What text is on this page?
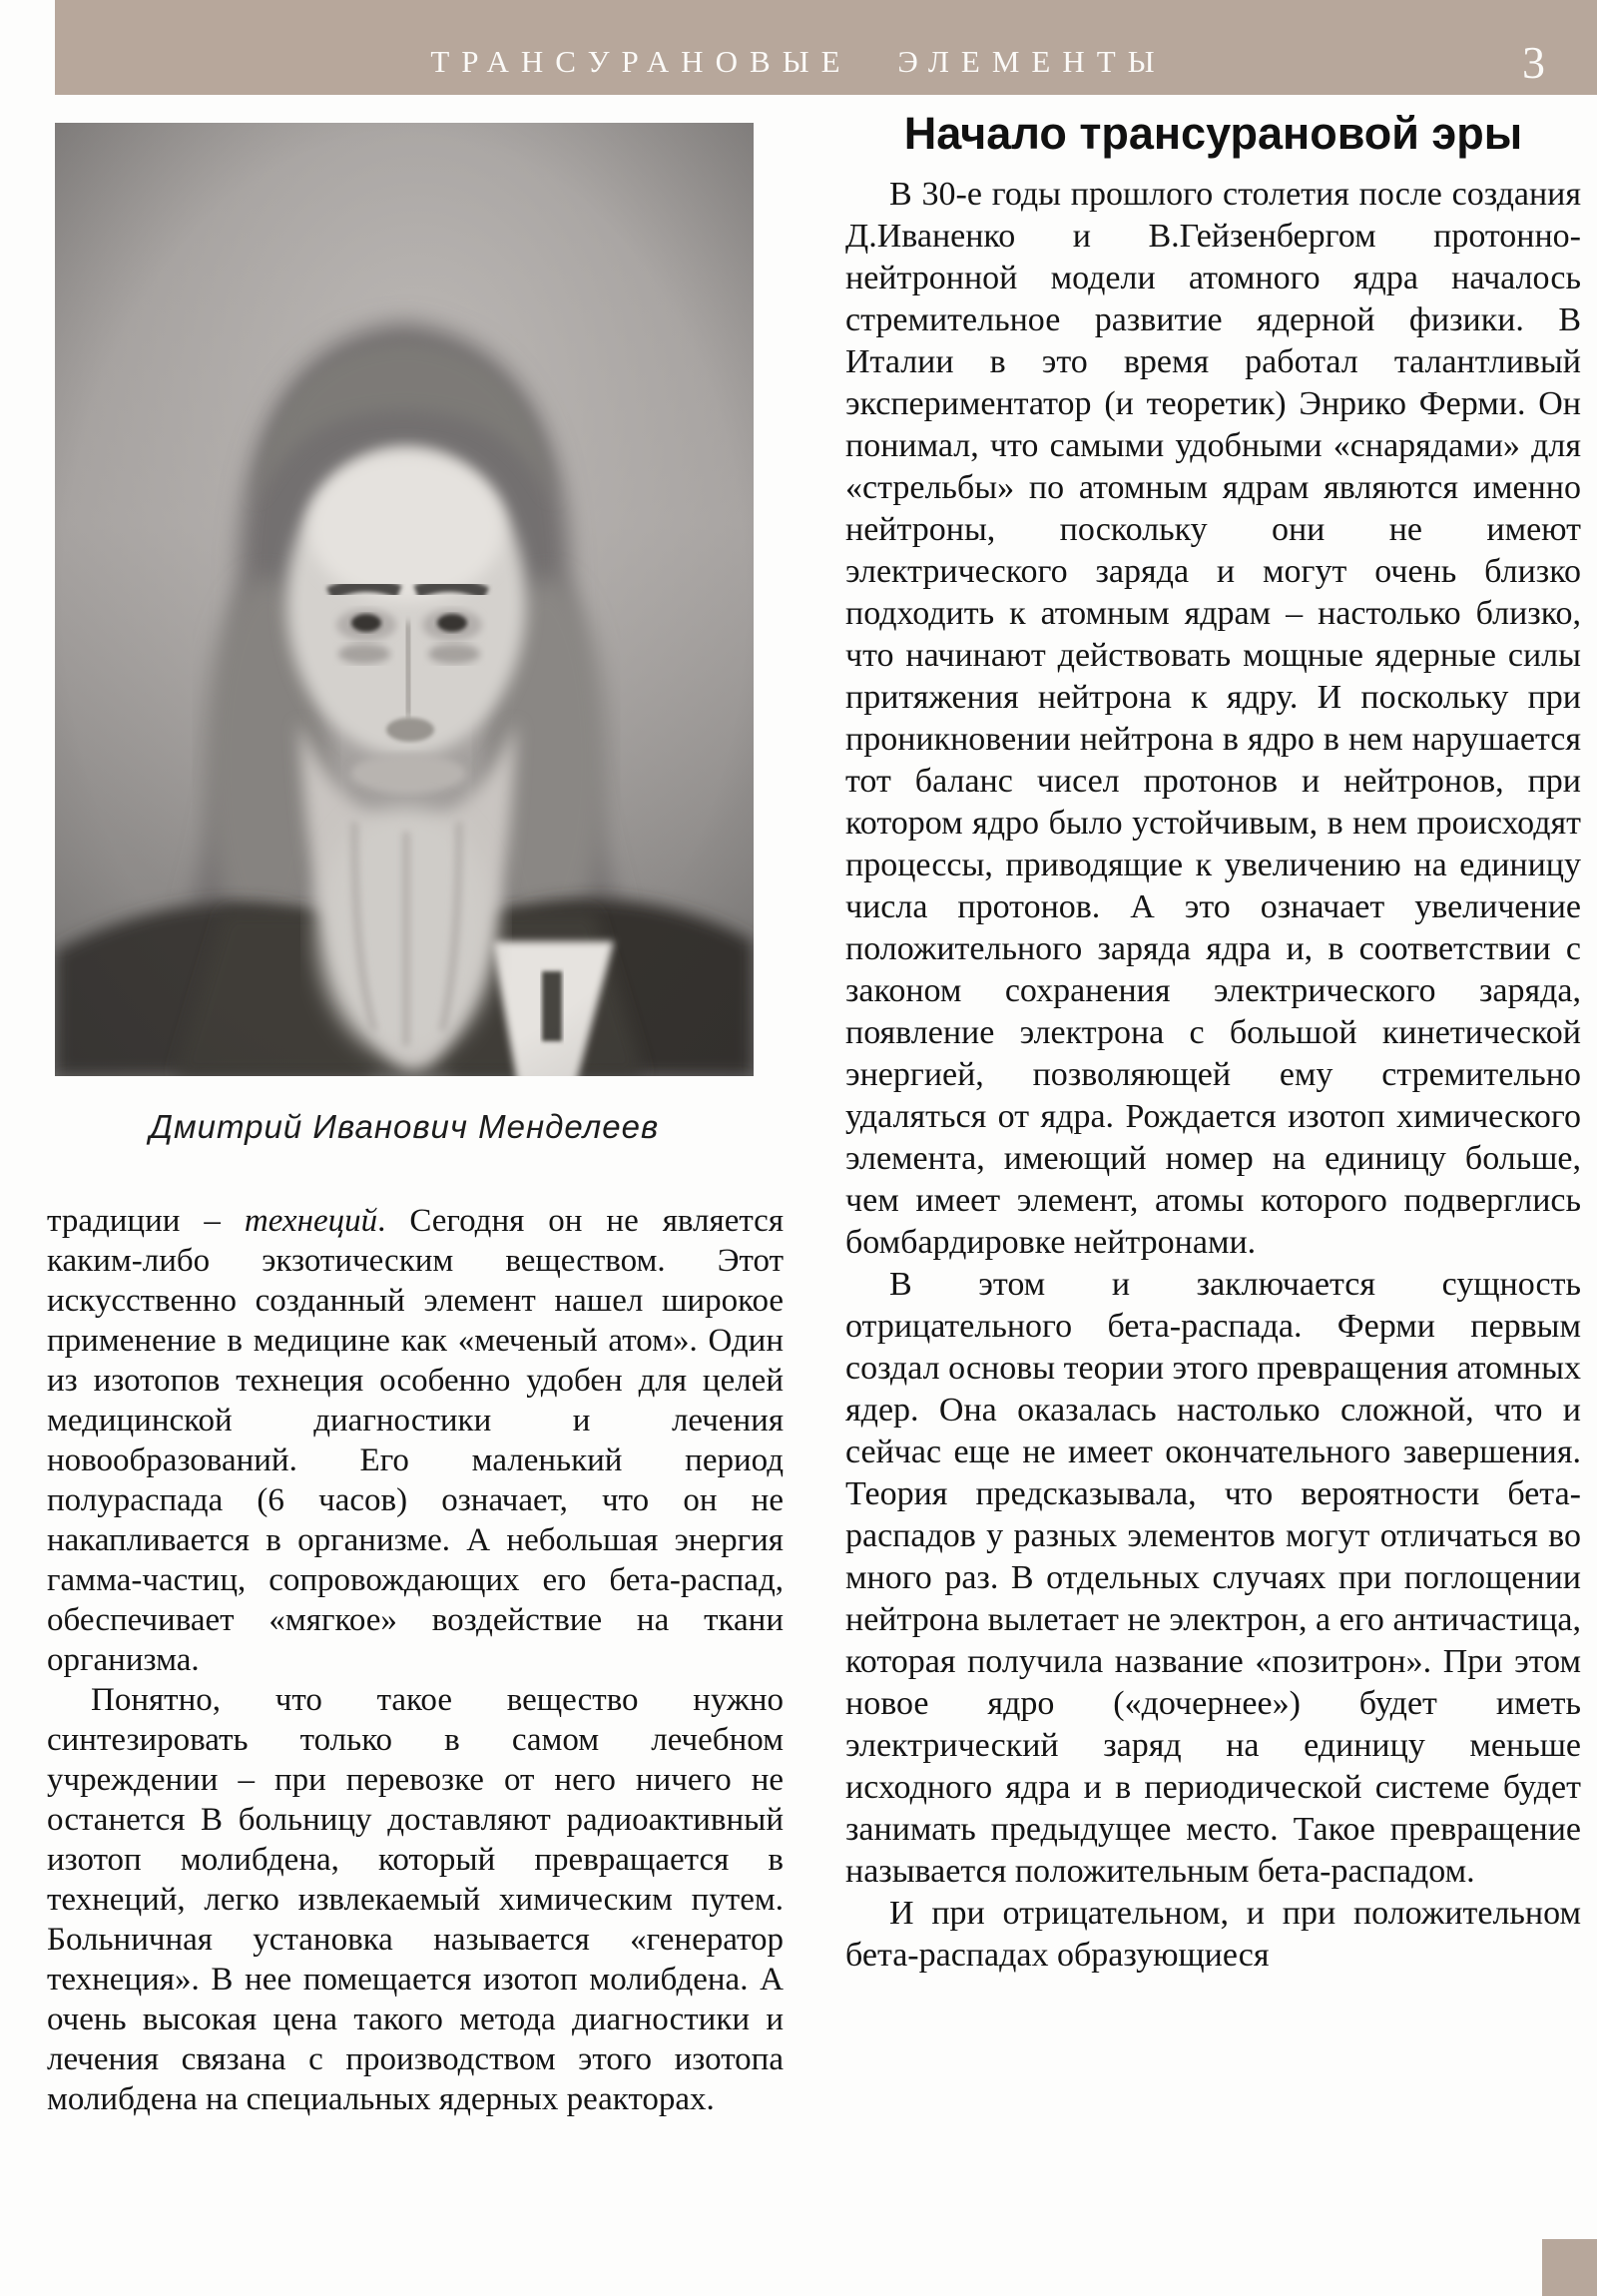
ТРАНСУРАНОВЫЕ ЭЛЕМЕНТЫ	3
Дмитрий Иванович Менделеев

традиции – технеций. Сегодня он не является каким-либо экзотическим веществом. Этот искусственно созданный элемент нашел широкое применение в медицине как «меченый атом». Один из изотопов технеция особенно удобен для целей медицинской диагностики и лечения новообразований. Его маленький период полураспада (6 часов) означает, что он не накапливается в организме. А небольшая энергия гамма-частиц, сопровождающих его бета-распад, обеспечивает «мягкое» воздействие на ткани организма.

Понятно, что такое вещество нужно синтезировать только в самом лечебном учреждении – при перевозке от него ничего не останется В больницу доставляют радиоактивный изотоп молибдена, который превращается в технеций, легко извлекаемый химическим путем. Больничная установка называется «генератор технеция». В нее помещается изотоп молибдена. А очень высокая цена такого метода диагностики и лечения связана с производством этого изотопа молибдена на специальных ядерных реакторах.

Начало трансурановой эры

В 30-е годы прошлого столетия после создания Д.Иваненко и В.Гейзенбергом протонно-нейтронной модели атомного ядра началось стремительное развитие ядерной физики. В Италии в это время работал талантливый экспериментатор (и теоретик) Энрико Ферми. Он понимал, что самыми удобными «снарядами» для «стрельбы» по атомным ядрам являются именно нейтроны, поскольку они не имеют электрического заряда и могут очень близко подходить к атомным ядрам – настолько близко, что начинают действовать мощные ядерные силы притяжения нейтрона к ядру. И поскольку при проникновении нейтрона в ядро в нем нарушается тот баланс чисел протонов и нейтронов, при котором ядро было устойчивым, в нем происходят процессы, приводящие к увеличению на единицу числа протонов. А это означает увеличение положительного заряда ядра и, в соответствии с законом сохранения электрического заряда, появление электрона с большой кинетической энергией, позволяющей ему стремительно удаляться от ядра. Рождается изотоп химического элемента, имеющий номер на единицу больше, чем имеет элемент, атомы которого подверглись бомбардировке нейтронами.

В этом и заключается сущность отрицательного бета-распада. Ферми первым создал основы теории этого превращения атомных ядер. Она оказалась настолько сложной, что и сейчас еще не имеет окончательного завершения. Теория предсказывала, что вероятности бета-распадов у разных элементов могут отличаться во много раз. В отдельных случаях при поглощении нейтрона вылетает не электрон, а его античастица, которая получила название «позитрон». При этом новое ядро («дочернее») будет иметь электрический заряд на единицу меньше исходного ядра и в периодической системе будет занимать предыдущее место. Такое превращение называется положительным бета-распадом.

И при отрицательном, и при положительном бета-распадах образующиеся
